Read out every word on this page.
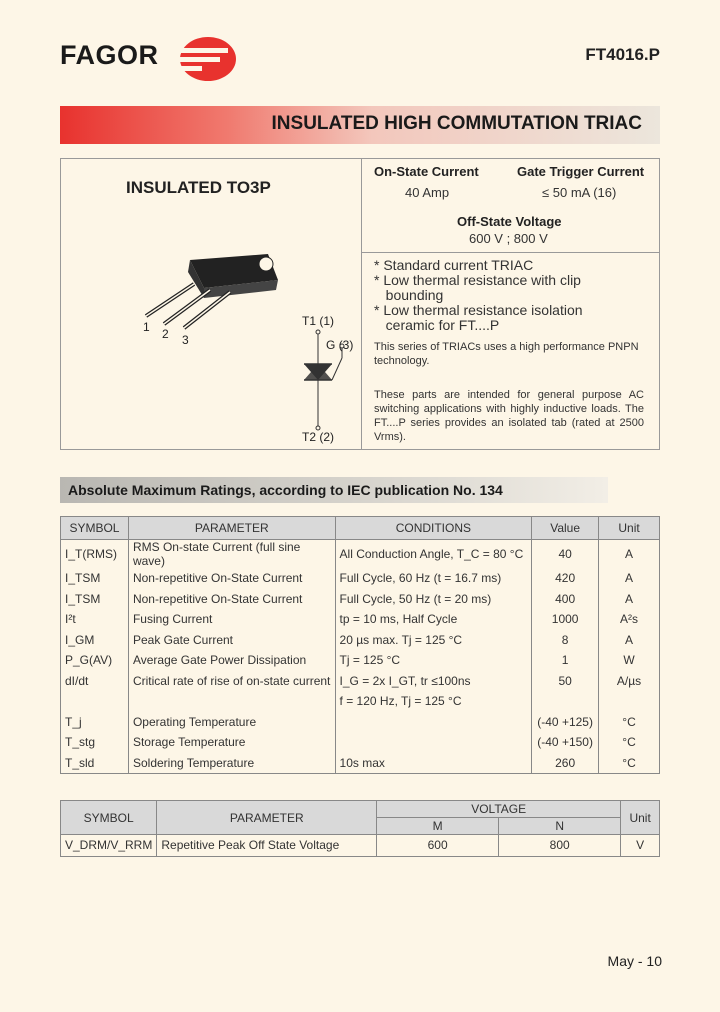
FAGOR	FT4016.P
INSULATED HIGH COMMUTATION TRIAC
INSULATED TO3P
1 2 3
T1 (1)
G (3)
T2 (2)
On-State Current
40 Amp
Gate Trigger Current
≤ 50 mA (16)
Off-State Voltage
600 V ; 800 V
* Standard current TRIAC
* Low thermal resistance with clip
bounding
* Low thermal resistance isolation
ceramic for FT....P
This series of TRIACs uses a high performance PNPN technology.
These parts are intended for general purpose AC switching applications with highly inductive loads. The FT....P series provides an isolated tab (rated at 2500 Vrms).
Absolute Maximum Ratings, according to IEC publication No. 134
SYMBOL	PARAMETER	CONDITIONS	Value	Unit
I_T(RMS)	RMS On-state Current (full sine wave)	All Conduction Angle, T_C = 80 °C	40	A
I_TSM	Non-repetitive On-State Current	Full Cycle, 60 Hz (t = 16.7 ms)	420	A
I_TSM	Non-repetitive On-State Current	Full Cycle, 50 Hz (t = 20 ms)	400	A
I²t	Fusing Current	tp = 10 ms, Half Cycle	1000	A²s
I_GM	Peak Gate Current	20 µs max. Tj = 125 °C	8	A
P_G(AV)	Average Gate Power Dissipation	Tj = 125 °C	1	W
dI/dt	Critical rate of rise of on-state current	I_G = 2x I_GT, tr ≤100ns	50	A/µs
		f = 120 Hz, Tj = 125 °C		
T_j	Operating Temperature		(-40 +125)	°C
T_stg	Storage Temperature		(-40 +150)	°C
T_sld	Soldering Temperature	10s max	260	°C
SYMBOL	PARAMETER	VOLTAGE		Unit
		M	N	
V_DRM/V_RRM	Repetitive Peak Off State Voltage	600	800	V
May - 10
